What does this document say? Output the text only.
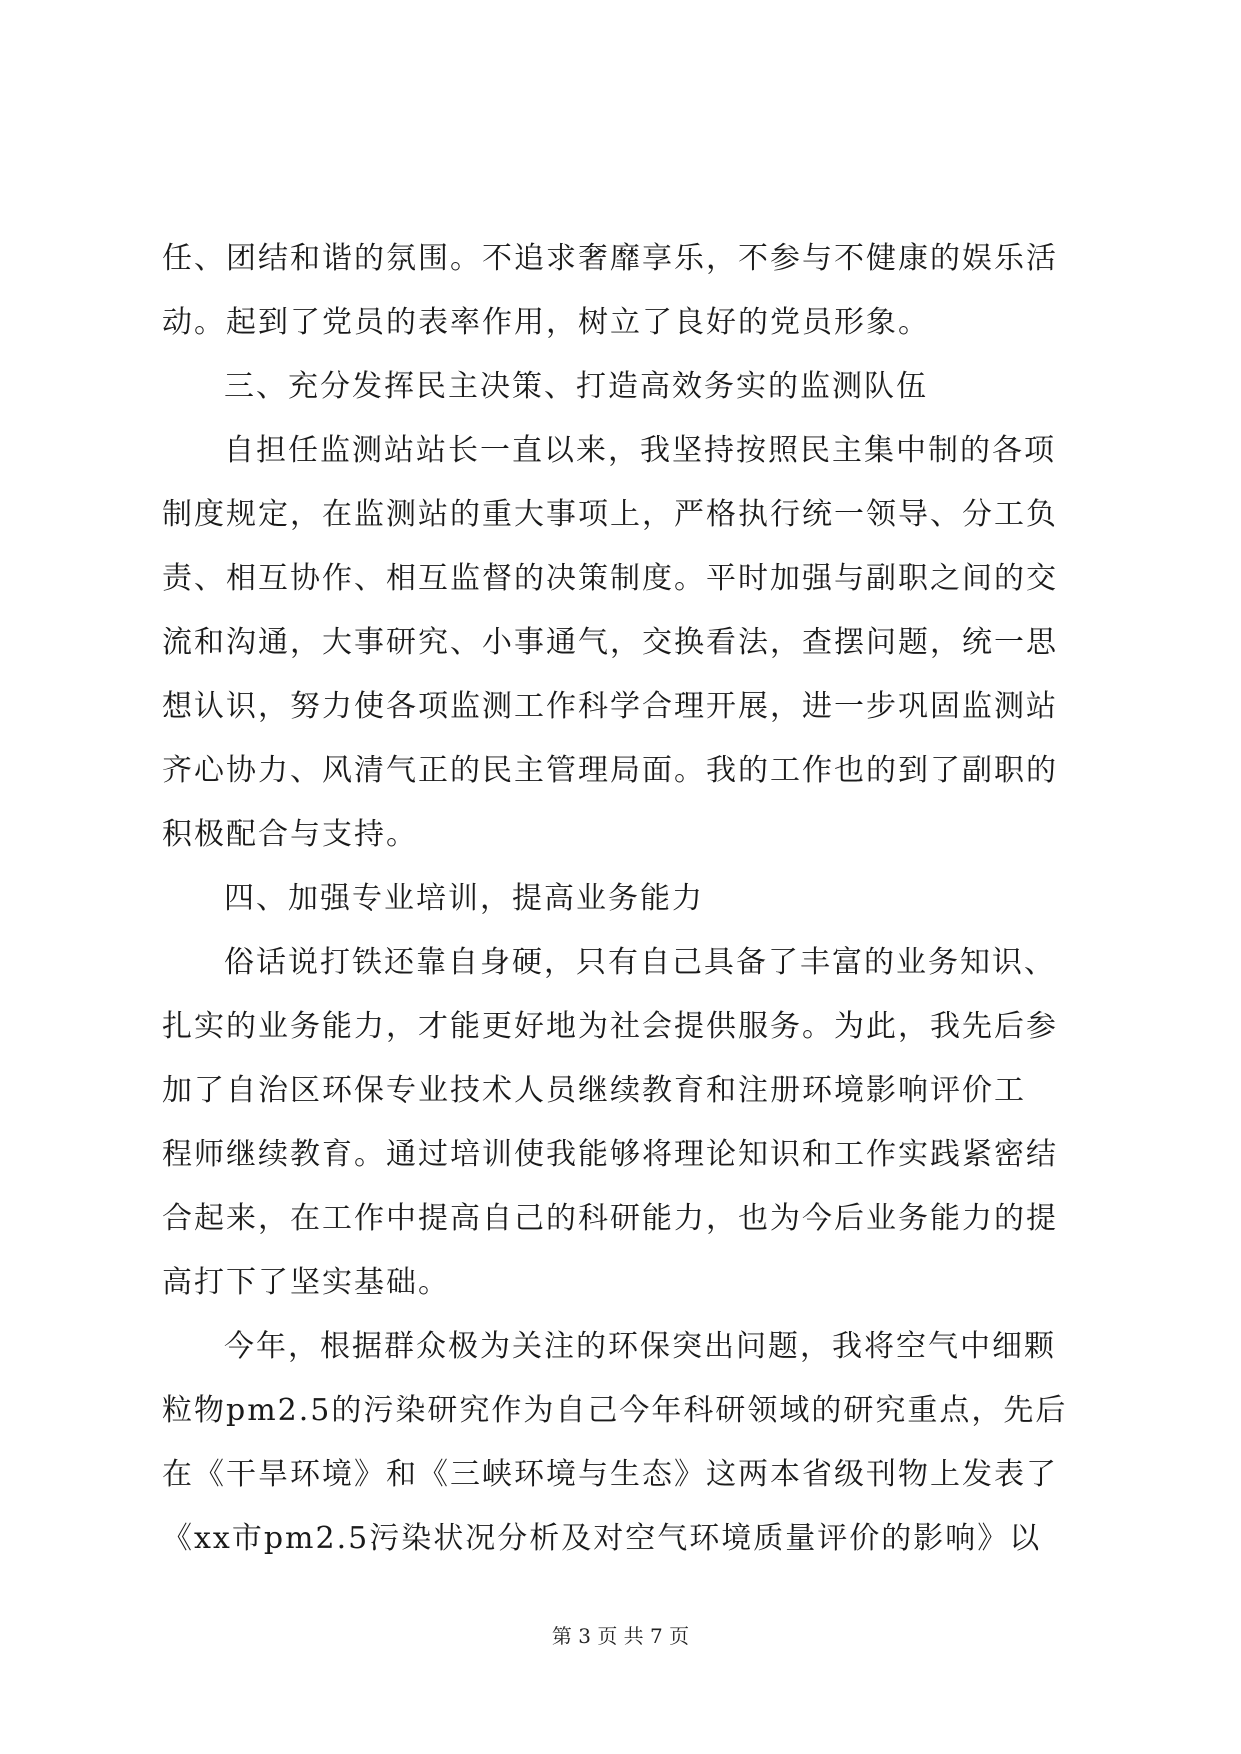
任、团结和谐的氛围。不追求奢靡享乐，不参与不健康的娱乐活
动。起到了党员的表率作用，树立了良好的党员形象。
三、充分发挥民主决策、打造高效务实的监测队伍
自担任监测站站长一直以来，我坚持按照民主集中制的各项
制度规定，在监测站的重大事项上，严格执行统一领导、分工负
责、相互协作、相互监督的决策制度。平时加强与副职之间的交
流和沟通，大事研究、小事通气，交换看法，查摆问题，统一思
想认识，努力使各项监测工作科学合理开展，进一步巩固监测站
齐心协力、风清气正的民主管理局面。我的工作也的到了副职的
积极配合与支持。
四、加强专业培训，提高业务能力
俗话说打铁还靠自身硬，只有自己具备了丰富的业务知识、
扎实的业务能力，才能更好地为社会提供服务。为此，我先后参
加了自治区环保专业技术人员继续教育和注册环境影响评价工
程师继续教育。通过培训使我能够将理论知识和工作实践紧密结
合起来，在工作中提高自己的科研能力，也为今后业务能力的提
高打下了坚实基础。
今年，根据群众极为关注的环保突出问题，我将空气中细颗
粒物pm2.5的污染研究作为自己今年科研领域的研究重点，先后
在《干旱环境》和《三峡环境与生态》这两本省级刊物上发表了
《xx市pm2.5污染状况分析及对空气环境质量评价的影响》以
第 3 页 共 7 页
